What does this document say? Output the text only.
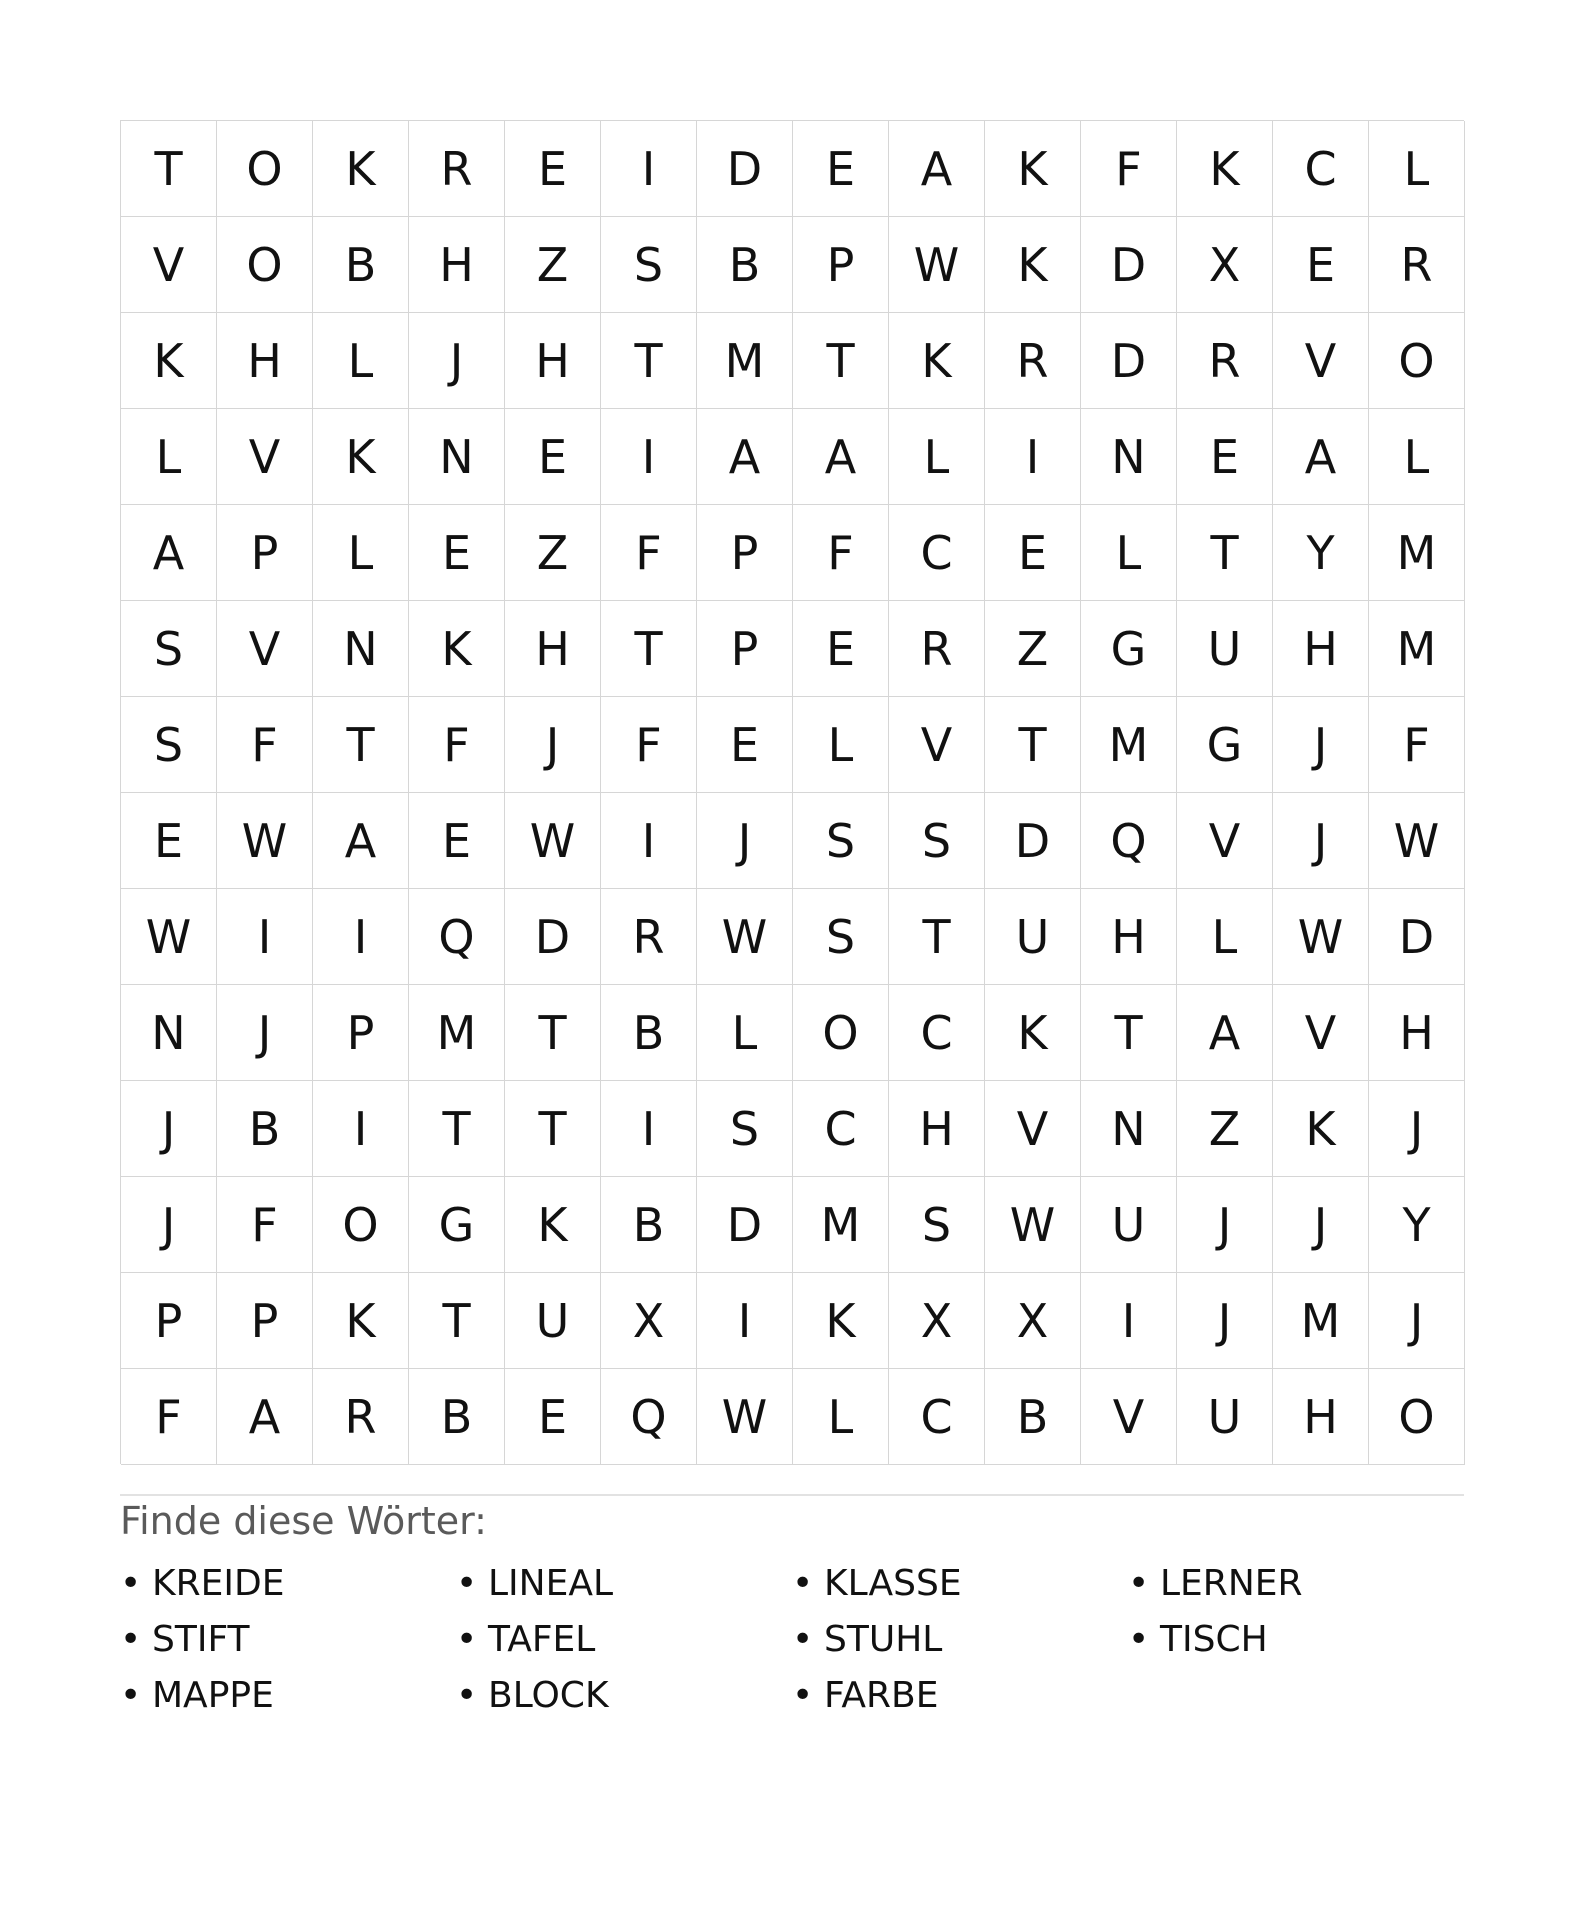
T	O	K	R	E	I	D	E	A	K	F	K	C	L
V	O	B	H	Z	S	B	P	W	K	D	X	E	R
K	H	L	J	H	T	M	T	K	R	D	R	V	O
L	V	K	N	E	I	A	A	L	I	N	E	A	L
A	P	L	E	Z	F	P	F	C	E	L	T	Y	M
S	V	N	K	H	T	P	E	R	Z	G	U	H	M
S	F	T	F	J	F	E	L	V	T	M	G	J	F
E	W	A	E	W	I	J	S	S	D	Q	V	J	W
W	I	I	Q	D	R	W	S	T	U	H	L	W	D
N	J	P	M	T	B	L	O	C	K	T	A	V	H
J	B	I	T	T	I	S	C	H	V	N	Z	K	J
J	F	O	G	K	B	D	M	S	W	U	J	J	Y
P	P	K	T	U	X	I	K	X	X	I	J	M	J
F	A	R	B	E	Q	W	L	C	B	V	U	H	O
Finde diese Wörter:
• KREIDE	• LINEAL	• KLASSE	• LERNER
• STIFT	• TAFEL	• STUHL	• TISCH
• MAPPE	• BLOCK	• FARBE
